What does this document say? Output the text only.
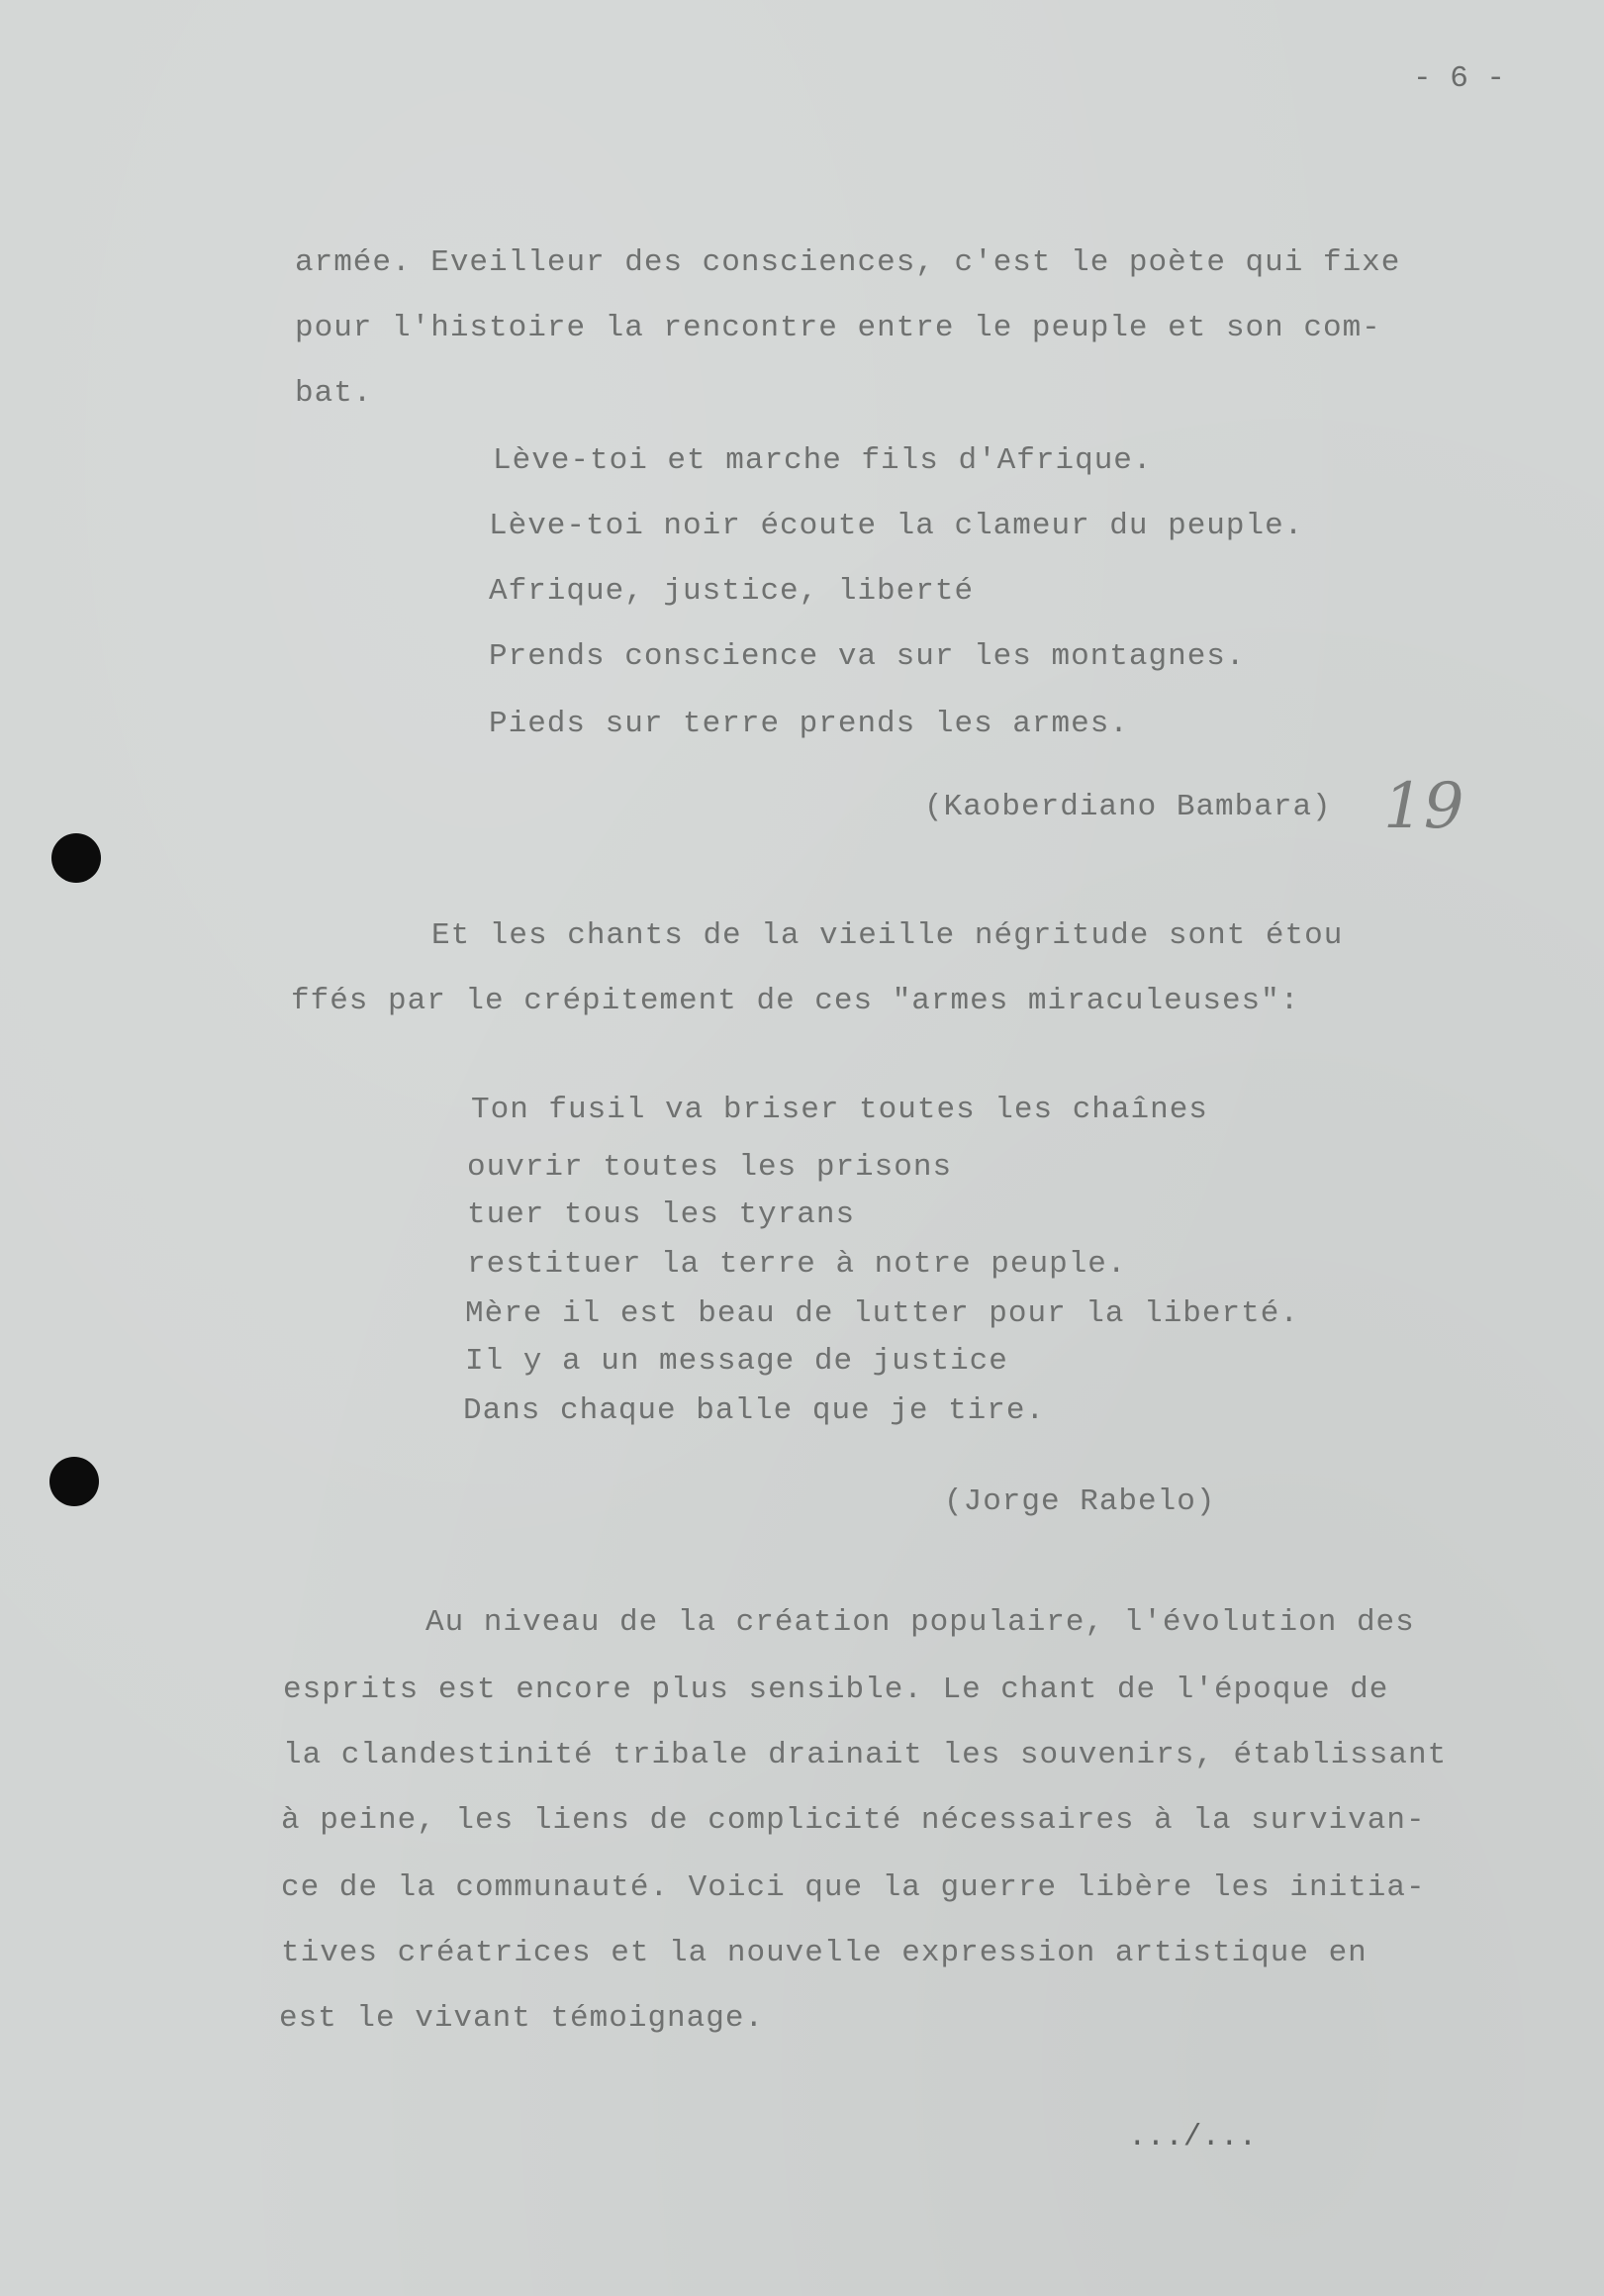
- 6 -
armée. Eveilleur des consciences, c'est le poète qui fixe
pour l'histoire la rencontre entre le peuple et son com-
bat.
Lève-toi et marche fils d'Afrique.
Lève-toi noir écoute la clameur du peuple.
Afrique, justice, liberté
Prends conscience va sur les montagnes.
Pieds sur terre prends les armes.
(Kaoberdiano Bambara) 19
Et les chants de la vieille négritude sont étou
ffés par le crépitement de ces "armes miraculeuses":
Ton fusil va briser toutes les chaînes
ouvrir toutes les prisons
tuer tous les tyrans
restituer la terre à notre peuple.
Mère il est beau de lutter pour la liberté.
Il y a un message de justice
Dans chaque balle que je tire.
(Jorge Rabelo)
Au niveau de la création populaire, l'évolution des
esprits est encore plus sensible. Le chant de l'époque de
la clandestinité tribale drainait les souvenirs, établissant
à peine, les liens de complicité nécessaires à la survivan-
ce de la communauté. Voici que la guerre libère les initia-
tives créatrices et la nouvelle expression artistique en
est le vivant témoignage.
.../...
